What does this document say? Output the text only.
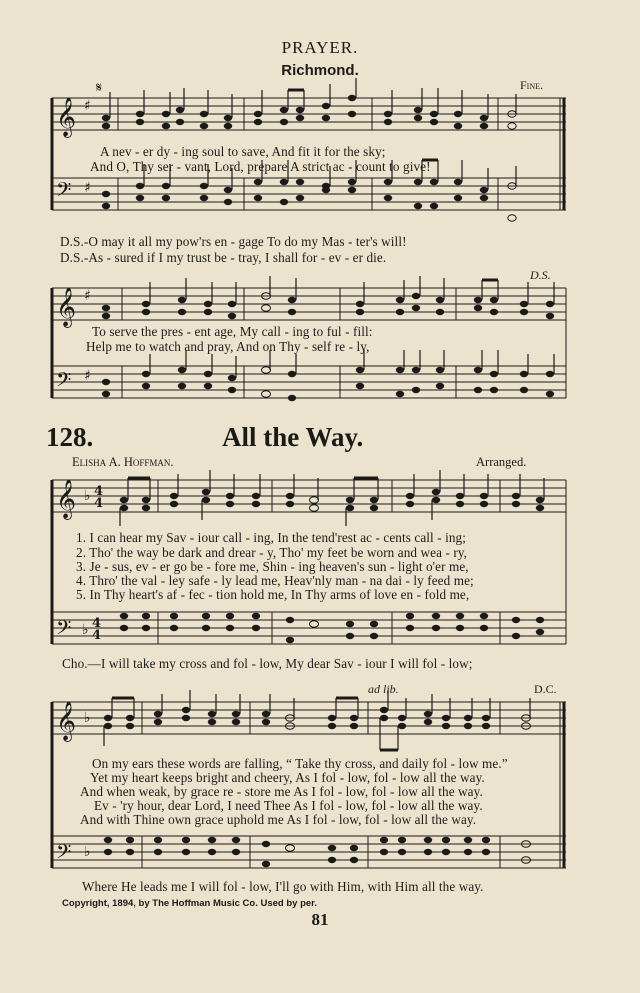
PRAYER.
Richmond.
Fine.
𝄞 ♯
𝄋
𝄢 ♯
A nev - er dy - ing soul to save, And fit it for the sky;
And O, Thy ser - vant, Lord, prepare A strict ac - count to give!
D.S.-O may it all my pow'rs en - gage To do my Mas - ter's will!
D.S.-As - sured if I my trust be - tray, I shall for - ev - er die.
D.S.
𝄞 ♯
𝄢 ♯
To serve the pres - ent age, My call - ing to ful - fill:
Help me to watch and pray, And on Thy - self re - ly,
128.	All the Way.
Elisha A. Hoffman.	Arranged.
𝄞 ♭ 4
4
𝄢 ♭ 4
4
1. I can hear my Sav - iour call - ing, In the tend'rest ac - cents call - ing;
2. Tho' the way be dark and drear - y, Tho' my feet be worn and wea - ry,
3. Je - sus, ev - er go be - fore me, Shin - ing heaven's sun - light o'er me,
4. Thro' the val - ley safe - ly lead me, Heav'nly man - na dai - ly feed me;
5. In Thy heart's af - fec - tion hold me, In Thy arms of love en - fold me,
Cho.—I will take my cross and fol - low, My dear Sav - iour I will fol - low;
ad lib.	D.C.
𝄞 ♭
𝄢 ♭
On my ears these words are falling, “ Take thy cross, and daily fol - low me.”
Yet my heart keeps bright and cheery, As I fol - low, fol - low all the way.
And when weak, by grace re - store me As I fol - low, fol - low all the way.
Ev - 'ry hour, dear Lord, I need Thee As I fol - low, fol - low all the way.
And with Thine own grace uphold me As I fol - low, fol - low all the way.
Where He leads me I will fol - low, I'll go with Him, with Him all the way.
Copyright, 1894, by The Hoffman Music Co. Used by per.
81
